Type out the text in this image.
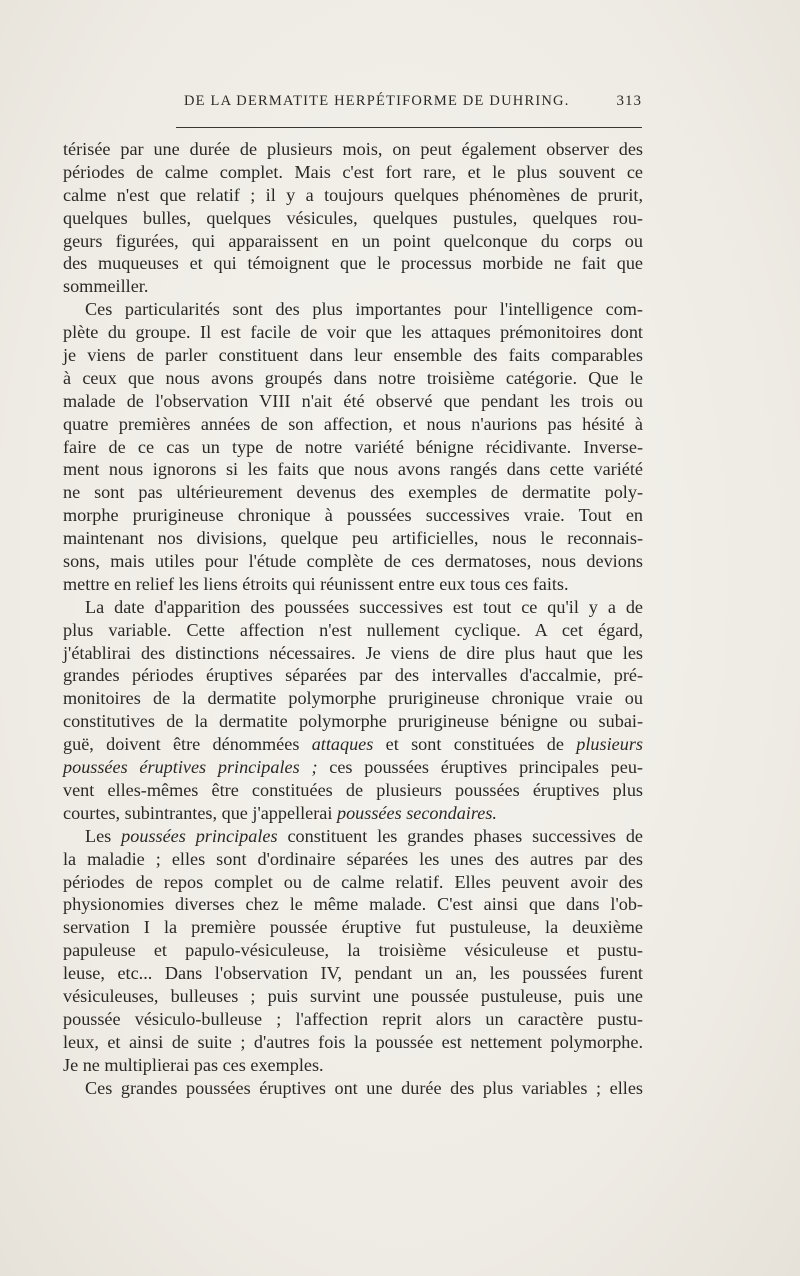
DE LA DERMATITE HERPÉTIFORME DE DUHRING.	313
térisée par une durée de plusieurs mois, on peut également observer des
périodes de calme complet. Mais c'est fort rare, et le plus souvent ce
calme n'est que relatif ; il y a toujours quelques phénomènes de prurit,
quelques bulles, quelques vésicules, quelques pustules, quelques rou-
geurs figurées, qui apparaissent en un point quelconque du corps ou
des muqueuses et qui témoignent que le processus morbide ne fait que
sommeiller.
Ces particularités sont des plus importantes pour l'intelligence com-
plète du groupe. Il est facile de voir que les attaques prémonitoires dont
je viens de parler constituent dans leur ensemble des faits comparables
à ceux que nous avons groupés dans notre troisième catégorie. Que le
malade de l'observation VIII n'ait été observé que pendant les trois ou
quatre premières années de son affection, et nous n'aurions pas hésité à
faire de ce cas un type de notre variété bénigne récidivante. Inverse-
ment nous ignorons si les faits que nous avons rangés dans cette variété
ne sont pas ultérieurement devenus des exemples de dermatite poly-
morphe prurigineuse chronique à poussées successives vraie. Tout en
maintenant nos divisions, quelque peu artificielles, nous le reconnais-
sons, mais utiles pour l'étude complète de ces dermatoses, nous devions
mettre en relief les liens étroits qui réunissent entre eux tous ces faits.
La date d'apparition des poussées successives est tout ce qu'il y a de
plus variable. Cette affection n'est nullement cyclique. A cet égard,
j'établirai des distinctions nécessaires. Je viens de dire plus haut que les
grandes périodes éruptives séparées par des intervalles d'accalmie, pré-
monitoires de la dermatite polymorphe prurigineuse chronique vraie ou
constitutives de la dermatite polymorphe prurigineuse bénigne ou subai-
guë, doivent être dénommées attaques et sont constituées de plusieurs
poussées éruptives principales ; ces poussées éruptives principales peu-
vent elles-mêmes être constituées de plusieurs poussées éruptives plus
courtes, subintrantes, que j'appellerai poussées secondaires.
Les poussées principales constituent les grandes phases successives de
la maladie ; elles sont d'ordinaire séparées les unes des autres par des
périodes de repos complet ou de calme relatif. Elles peuvent avoir des
physionomies diverses chez le même malade. C'est ainsi que dans l'ob-
servation I la première poussée éruptive fut pustuleuse, la deuxième
papuleuse et papulo-vésiculeuse, la troisième vésiculeuse et pustu-
leuse, etc... Dans l'observation IV, pendant un an, les poussées furent
vésiculeuses, bulleuses ; puis survint une poussée pustuleuse, puis une
poussée vésiculo-bulleuse ; l'affection reprit alors un caractère pustu-
leux, et ainsi de suite ; d'autres fois la poussée est nettement polymorphe.
Je ne multiplierai pas ces exemples.
Ces grandes poussées éruptives ont une durée des plus variables ; elles
